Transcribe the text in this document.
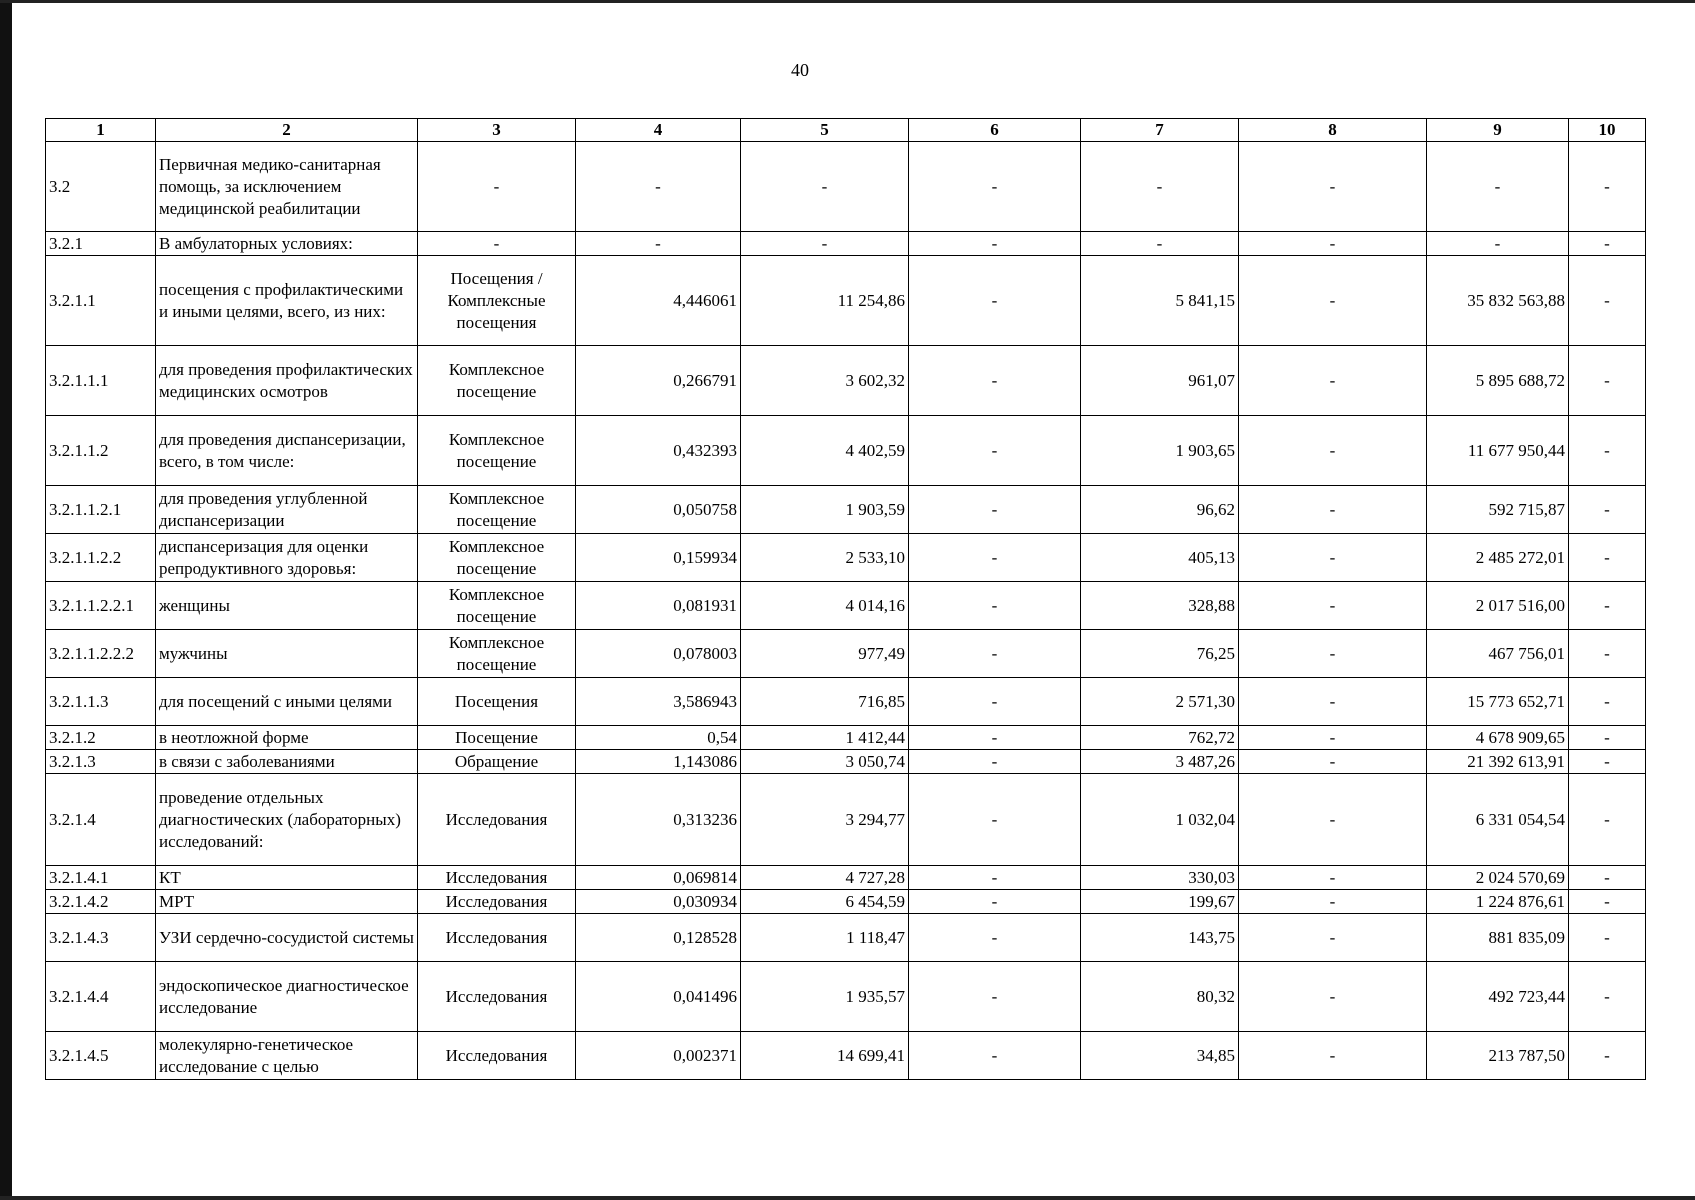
40
1	2	3	4	5	6	7	8	9	10
3.2	Первичная медико-санитарная помощь, за исключением медицинской реабилитации	-	-	-	-	-	-	-	-
3.2.1	В амбулаторных условиях:	-	-	-	-	-	-	-	-
3.2.1.1	посещения с профилактическими и иными целями, всего, из них:	Посещения / Комплексные посещения	4,446061	11 254,86	-	5 841,15	-	35 832 563,88	-
3.2.1.1.1	для проведения профилактических медицинских осмотров	Комплексное посещение	0,266791	3 602,32	-	961,07	-	5 895 688,72	-
3.2.1.1.2	для проведения диспансеризации, всего, в том числе:	Комплексное посещение	0,432393	4 402,59	-	1 903,65	-	11 677 950,44	-
3.2.1.1.2.1	для проведения углубленной диспансеризации	Комплексное посещение	0,050758	1 903,59	-	96,62	-	592 715,87	-
3.2.1.1.2.2	диспансеризация для оценки репродуктивного здоровья:	Комплексное посещение	0,159934	2 533,10	-	405,13	-	2 485 272,01	-
3.2.1.1.2.2.1	женщины	Комплексное посещение	0,081931	4 014,16	-	328,88	-	2 017 516,00	-
3.2.1.1.2.2.2	мужчины	Комплексное посещение	0,078003	977,49	-	76,25	-	467 756,01	-
3.2.1.1.3	для посещений с иными целями	Посещения	3,586943	716,85	-	2 571,30	-	15 773 652,71	-
3.2.1.2	в неотложной форме	Посещение	0,54	1 412,44	-	762,72	-	4 678 909,65	-
3.2.1.3	в связи с заболеваниями	Обращение	1,143086	3 050,74	-	3 487,26	-	21 392 613,91	-
3.2.1.4	проведение отдельных диагностических (лабораторных) исследований:	Исследования	0,313236	3 294,77	-	1 032,04	-	6 331 054,54	-
3.2.1.4.1	КТ	Исследования	0,069814	4 727,28	-	330,03	-	2 024 570,69	-
3.2.1.4.2	МРТ	Исследования	0,030934	6 454,59	-	199,67	-	1 224 876,61	-
3.2.1.4.3	УЗИ сердечно-сосудистой системы	Исследования	0,128528	1 118,47	-	143,75	-	881 835,09	-
3.2.1.4.4	эндоскопическое диагностическое исследование	Исследования	0,041496	1 935,57	-	80,32	-	492 723,44	-
3.2.1.4.5	молекулярно-генетическое исследование с целью	Исследования	0,002371	14 699,41	-	34,85	-	213 787,50	-
